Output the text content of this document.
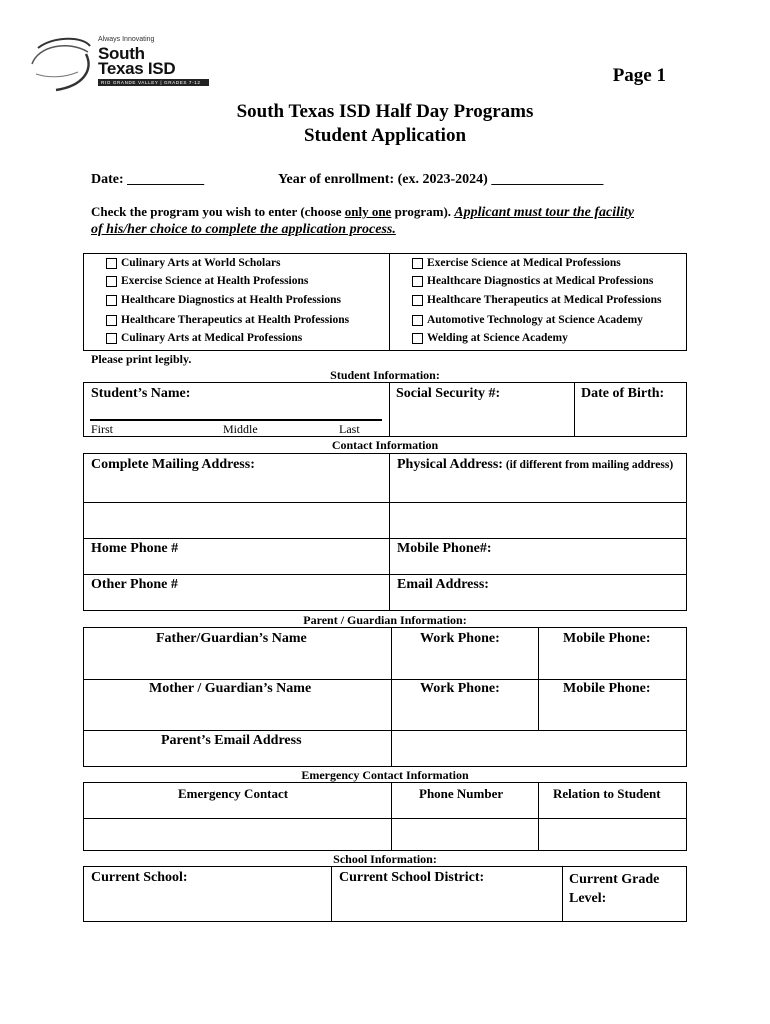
Always Innovating
South
Texas ISD
RIO GRANDE VALLEY | GRADES 7-12	Page 1
South Texas ISD Half Day Programs
Student Application
Date: ___________	Year of enrollment: (ex. 2023-2024) ________________
Check the program you wish to enter (choose only one program). Applicant must tour the facility
of his/her choice to complete the application process.
Culinary Arts at World Scholars
Exercise Science at Health Professions
Healthcare Diagnostics at Health Professions
Healthcare Therapeutics at Health Professions
Culinary Arts at Medical Professions
Exercise Science at Medical Professions
Healthcare Diagnostics at Medical Professions
Healthcare Therapeutics at Medical Professions
Automotive Technology at Science Academy
Welding at Science Academy
Please print legibly.
Student Information:
Student’s Name:	Social Security #:	Date of Birth:
First	Middle	Last
Contact Information
Complete Mailing Address:	Physical Address: (if different from mailing address)
Home Phone #	Mobile Phone#:
Other Phone #	Email Address:
Parent / Guardian Information:
Father/Guardian’s Name	Work Phone:	Mobile Phone:
Mother / Guardian’s Name	Work Phone:	Mobile Phone:
Parent’s Email Address
Emergency Contact Information
Emergency Contact	Phone Number	Relation to Student
School Information:
Current School:	Current School District:	Current Grade
Level:
